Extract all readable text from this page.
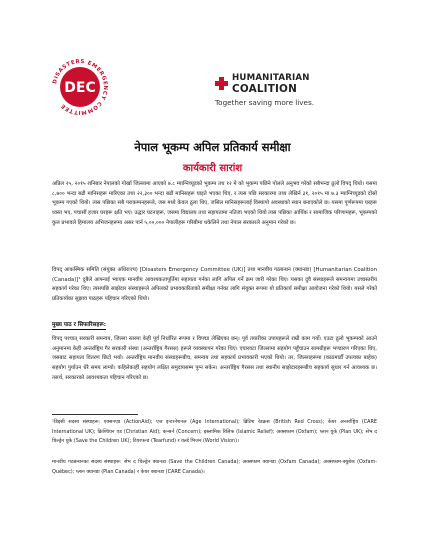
DISASTERS EMERGENCY COMMITTEE
DEC
HUMANITARIAN
COALITION
Together saving more lives.
नेपाल भूकम्प अपिल प्रतिकार्य समीक्षा
कार्यकारी सारांश

अप्रिल २५, २०१५ शनिबार नेपालको गोर्खा जिल्लामा आएको ७.८ म्याग्निच्यूडको भूकम्प तथ १२ मे को भूकम्प पछिने पोलले अनुभव गरेको सबैभन्दा ठूलो विपद् थियो। यसमा ८,७०० भन्दा बढी मानिसहरू मारिएका तथा २२,३०० भन्दा बढी मानिसहरू घाइते भएका थिए, र त्यस पछि सरकारमा तथ्य लेखिर्न ३१, २०१५ मा ७.३ म्याग्निच्यूडको दोस्रो भूकम्प गएको थियो। त्यस पछिका सबै पराकम्पनहरूले, जस मध्ये केवल ठूला थिए, जसिल मानिसहरूलाई विस्थापो अवस्थाको स्थान बनाएकोले छ। यसमा पूर्णरूपमा घरहरू ध्वस्त भए, पचासौं हजार घरहरू क्षति भए। उद्धार घटनाहरू, जसमा विद्यालय तथा सहायतामा नतिजा भएको थियो त्यस पछिका आर्थिक र सामाजिक परिणामहरू, भूकम्पको कुल प्रभावले हिमालय अभिजनहरूमा असर पार्न ५,००,००० नेपालीहरू गरिबीमा धकेलिने तथा नेपाल सरकारले अनुमान गरेको छ।

विपद् आकस्मिक समिति (संयुक्त अधिराज्य) [Disasters Emergency Committee (UK)] तथा मानवीय गठबन्धन (क्यानडा) [Humanitarian Coalition (Canada)]¹ दुबैले आफ्नाई भ्याएक मानवीय आवश्यकतापूर्तिमा सहायता गर्नका लागि अपिल गर्ने क्रम जारी गरेका थिए। यसका दुवै संस्थाहरूले समन्वयमा उच्चस्तरीय सहकार्य गरेका थिए। त्यसपछि साझेदार संस्थाहरूले अपिलको प्रभावकारिताको समीक्षा गर्नका लागि संयुक्त रूपमा यो प्रतिकार्य समीक्षा आयोजना गरेको थियो। यसले गरेको प्रतिकार्यका सुझाव पाठहरू पहिचान गरिएको थियो।

मुख्य पाठ र सिफारिसहरू:

विपद् पश्चात् सरकारी समन्वय, जिल्ला स्तरमा केही पूर्व निर्धारित रूपमा र विपद्मा लेखिएका छन्। पूर्व तयारीका उपायहरूले राम्री काम गर्यो। एउटा ठूलो भूकम्पको आउने अनुमानमा केही अन्तर्राष्ट्रिय गैर सरकारी संस्था (अन्तर्राष्ट्रिय गैरसस) हरूले व्यवस्थापन गरेका थिए। एघारवटा जिल्लामा सहयोग पहुँचाउन सामग्रीहरू भण्डारण गरिएका थिए, जसबाट सहायता वितरण छिटो भयो। अन्तर्राष्ट्रिय मानवीय संस्थाहरूबीच, समन्वय तथा सहकार्य प्रभावकारी भएको थियो। तर, जिल्लाहरूमा (काठमाडौँ उपत्यका बाहेक) सहयोग पुर्याउन धेरै समय लाग्यो। कहिलेकाहीं सहयोग लक्षित समुदायसम्म पुग्न सकेन। अन्तर्राष्ट्रिय गैरसस तथा स्थानीय साझेदारहरूबीच सहकार्य सुधार गर्न आवश्यक छ। तसर्थ, सरकारको आवश्यकता पहिचान गरिएको छ।

¹डिइसी सदस्य संस्थाहरू: एक्सनएड (ActionAid); एज इन्टरनेशनल (Age International); ब्रिटिश रेडक्रस (British Red Cross); केयर अन्तर्राष्ट्रिय (CARE International UK); क्रिश्चियन एड (Christian Aid); कन्सर्न (Concern); इस्लामिक रिलिफ (Islamic Relief); अक्सफाम (Oxfam); प्लान युके (Plan UK); सेभ द चिल्ड्रेन युके (Save the Children UK); टियरफन्ड (Tearfund) र वर्ल्ड भिजन (World Vision)।

मानवीय गठबन्धनका सदस्य संस्थाहरू: सेभ द चिल्ड्रेन क्यानडा (Save the Children Canada); अक्सफाम क्यानडा (Oxfam Canada); अक्सफाम-क्युबेक (Oxfam-Québec); प्लान क्यानडा (Plan Canada) र केयर क्यानडा (CARE Canada)।
